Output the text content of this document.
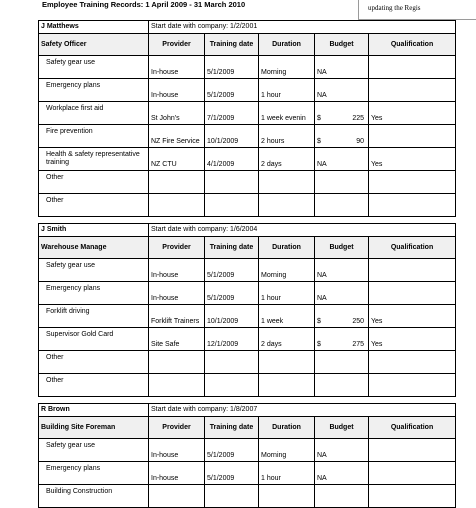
Employee Training Records: 1 April 2009 - 31 March 2010	updating the Regis
J Matthews	Start date with company: 1/2/2001				
Safety Officer	Provider	Training date	Duration	Budget	Qualification
Safety gear use	In-house	5/1/2009	Morning	NA	

Emergency plans	In-house	5/1/2009	1 hour	NA	

Workplace first aid	St John's	7/1/2009	1 week evenin	$ 225	Yes
Fire prevention	NZ Fire Service	10/1/2009	2 hours	$ 90	

Health & safety representative training	NZ CTU	4/1/2009	2 days	NA	Yes
Other				

Other				

J Smith	Start date with company: 1/6/2004				
Warehouse Manage	Provider	Training date	Duration	Budget	Qualification
Safety gear use	In-house	5/1/2009	Morning	NA	

Emergency plans	In-house	5/1/2009	1 hour	NA	

Forklift driving	Forklift Trainers	10/1/2009	1 week	$ 250	Yes
Supervisor Gold Card	Site Safe	12/1/2009	2 days	$ 275	Yes
Other				

Other				

R Brown	Start date with company: 1/8/2007				
Building Site Foreman	Provider	Training date	Duration	Budget	Qualification
Safety gear use	In-house	5/1/2009	Morning	NA	

Emergency plans	In-house	5/1/2009	1 hour	NA	

Building Construction				
